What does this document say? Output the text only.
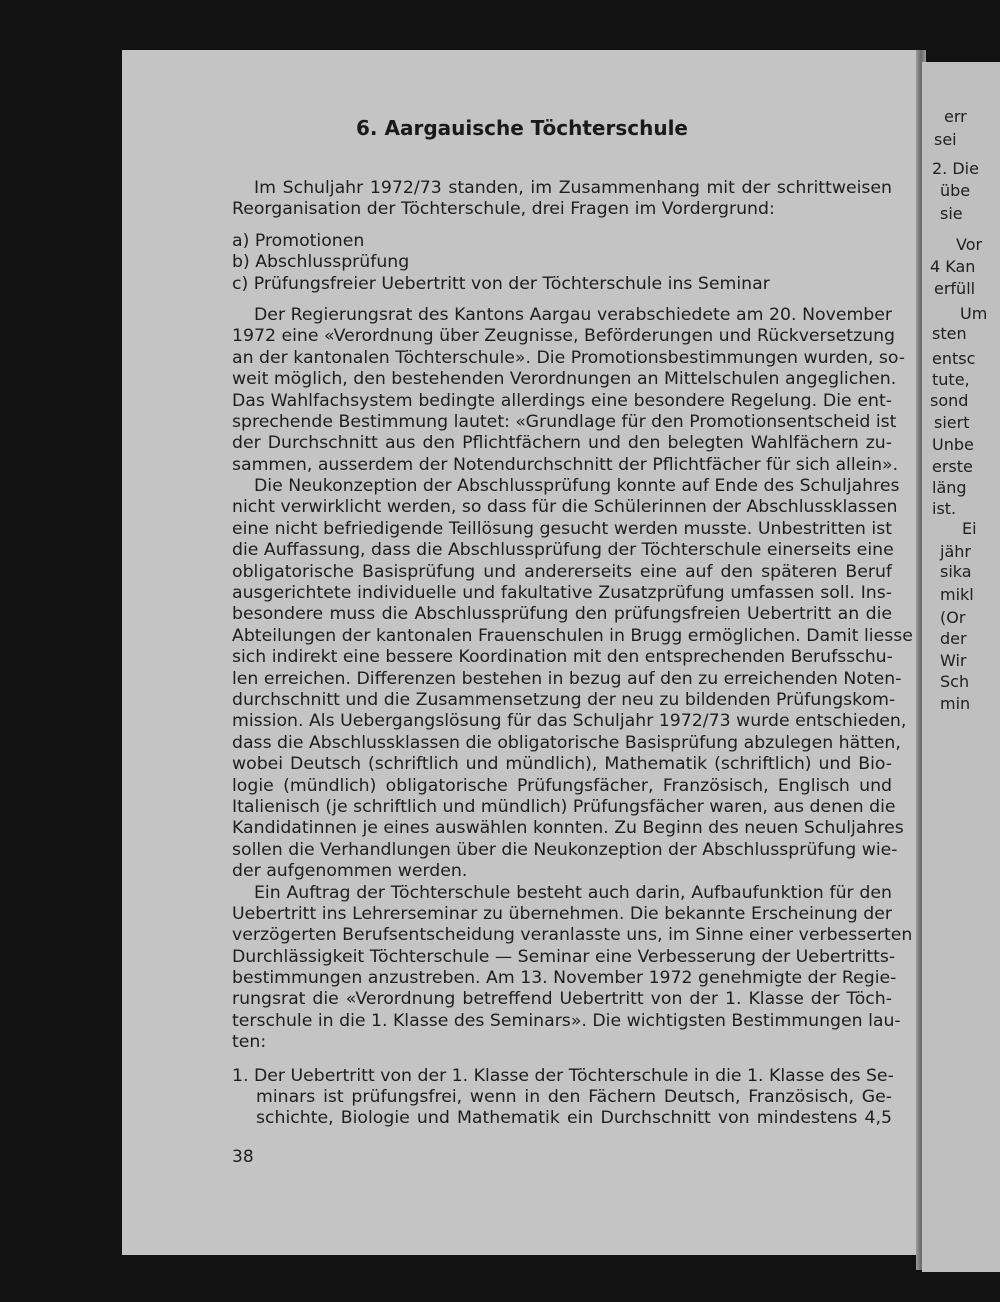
6. Aargauische Töchterschule
Im Schuljahr 1972/73 standen, im Zusammenhang mit der schrittweisen
Reorganisation der Töchterschule, drei Fragen im Vordergrund:
a) Promotionen
b) Abschlussprüfung
c) Prüfungsfreier Uebertritt von der Töchterschule ins Seminar
Der Regierungsrat des Kantons Aargau verabschiedete am 20. November
1972 eine «Verordnung über Zeugnisse, Beförderungen und Rückversetzung
an der kantonalen Töchterschule». Die Promotionsbestimmungen wurden, so-
weit möglich, den bestehenden Verordnungen an Mittelschulen angeglichen.
Das Wahlfachsystem bedingte allerdings eine besondere Regelung. Die ent-
sprechende Bestimmung lautet: «Grundlage für den Promotionsentscheid ist
der Durchschnitt aus den Pflichtfächern und den belegten Wahlfächern zu-
sammen, ausserdem der Notendurchschnitt der Pflichtfächer für sich allein».
Die Neukonzeption der Abschlussprüfung konnte auf Ende des Schuljahres
nicht verwirklicht werden, so dass für die Schülerinnen der Abschlussklassen
eine nicht befriedigende Teillösung gesucht werden musste. Unbestritten ist
die Auffassung, dass die Abschlussprüfung der Töchterschule einerseits eine
obligatorische Basisprüfung und andererseits eine auf den späteren Beruf
ausgerichtete individuelle und fakultative Zusatzprüfung umfassen soll. Ins-
besondere muss die Abschlussprüfung den prüfungsfreien Uebertritt an die
Abteilungen der kantonalen Frauenschulen in Brugg ermöglichen. Damit liesse
sich indirekt eine bessere Koordination mit den entsprechenden Berufsschu-
len erreichen. Differenzen bestehen in bezug auf den zu erreichenden Noten-
durchschnitt und die Zusammensetzung der neu zu bildenden Prüfungskom-
mission. Als Uebergangslösung für das Schuljahr 1972/73 wurde entschieden,
dass die Abschlussklassen die obligatorische Basisprüfung abzulegen hätten,
wobei Deutsch (schriftlich und mündlich), Mathematik (schriftlich) und Bio-
logie (mündlich) obligatorische Prüfungsfächer, Französisch, Englisch und
Italienisch (je schriftlich und mündlich) Prüfungsfächer waren, aus denen die
Kandidatinnen je eines auswählen konnten. Zu Beginn des neuen Schuljahres
sollen die Verhandlungen über die Neukonzeption der Abschlussprüfung wie-
der aufgenommen werden.
Ein Auftrag der Töchterschule besteht auch darin, Aufbaufunktion für den
Uebertritt ins Lehrerseminar zu übernehmen. Die bekannte Erscheinung der
verzögerten Berufsentscheidung veranlasste uns, im Sinne einer verbesserten
Durchlässigkeit Töchterschule — Seminar eine Verbesserung der Uebertritts-
bestimmungen anzustreben. Am 13. November 1972 genehmigte der Regie-
rungsrat die «Verordnung betreffend Uebertritt von der 1. Klasse der Töch-
terschule in die 1. Klasse des Seminars». Die wichtigsten Bestimmungen lau-
ten:
1. Der Uebertritt von der 1. Klasse der Töchterschule in die 1. Klasse des Se-
minars ist prüfungsfrei, wenn in den Fächern Deutsch, Französisch, Ge-
schichte, Biologie und Mathematik ein Durchschnitt von mindestens 4,5
38
err
sei
2. Die
übe
sie
Vor
4 Kan
erfüll
Um
sten
entsc
tute,
sond
siert
Unbe
erste
läng
ist.
Ei
jähr
sika
mikl
(Or
der
Wir
Sch
min
